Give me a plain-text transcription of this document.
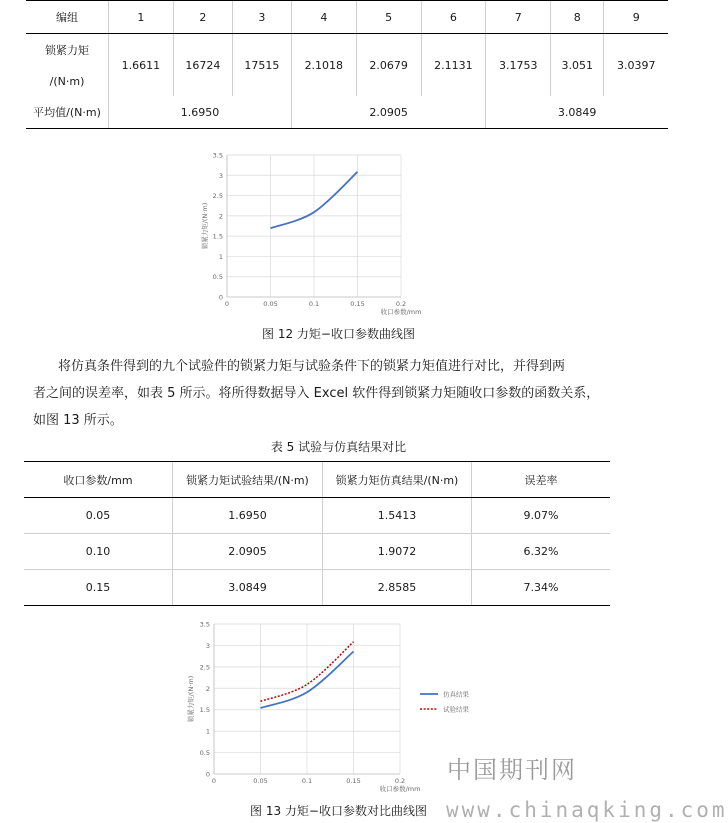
编组	1	2	3	4	5	6	7	8	9
锁紧力矩	1.6611	16724	17515	2.1018	2.0679	2.1131	3.1753	3.051	3.0397
/(N·m)									
平均值/(N·m)	1.6950			2.0905			3.0849		
0
0.5
1
1.5
2
2.5
3
3.5
0	0.05	0.1	0.15	0.2
锁紧力矩/(N·m)
收口参数/mm
图 12 力矩−收口参数曲线图
将仿真条件得到的九个试验件的锁紧力矩与试验条件下的锁紧力矩值进行对比，并得到两
者之间的误差率，如表 5 所示。将所得数据导入 Excel 软件得到锁紧力矩随收口参数的函数关系，
如图 13 所示。
表 5 试验与仿真结果对比
收口参数/mm	锁紧力矩试验结果/(N·m)	锁紧力矩仿真结果/(N·m)	误差率
0.05	1.6950	1.5413	9.07%
0.10	2.0905	1.9072	6.32%
0.15	3.0849	2.8585	7.34%
0
0.5
1
1.5
2
2.5
3
3.5
0	0.05	0.1	0.15	0.2
锁紧力矩/(N·m)
收口参数/mm
仿真结果
试验结果
图 13 力矩−收口参数对比曲线图
中国期刊网
www.chinaqking.com
